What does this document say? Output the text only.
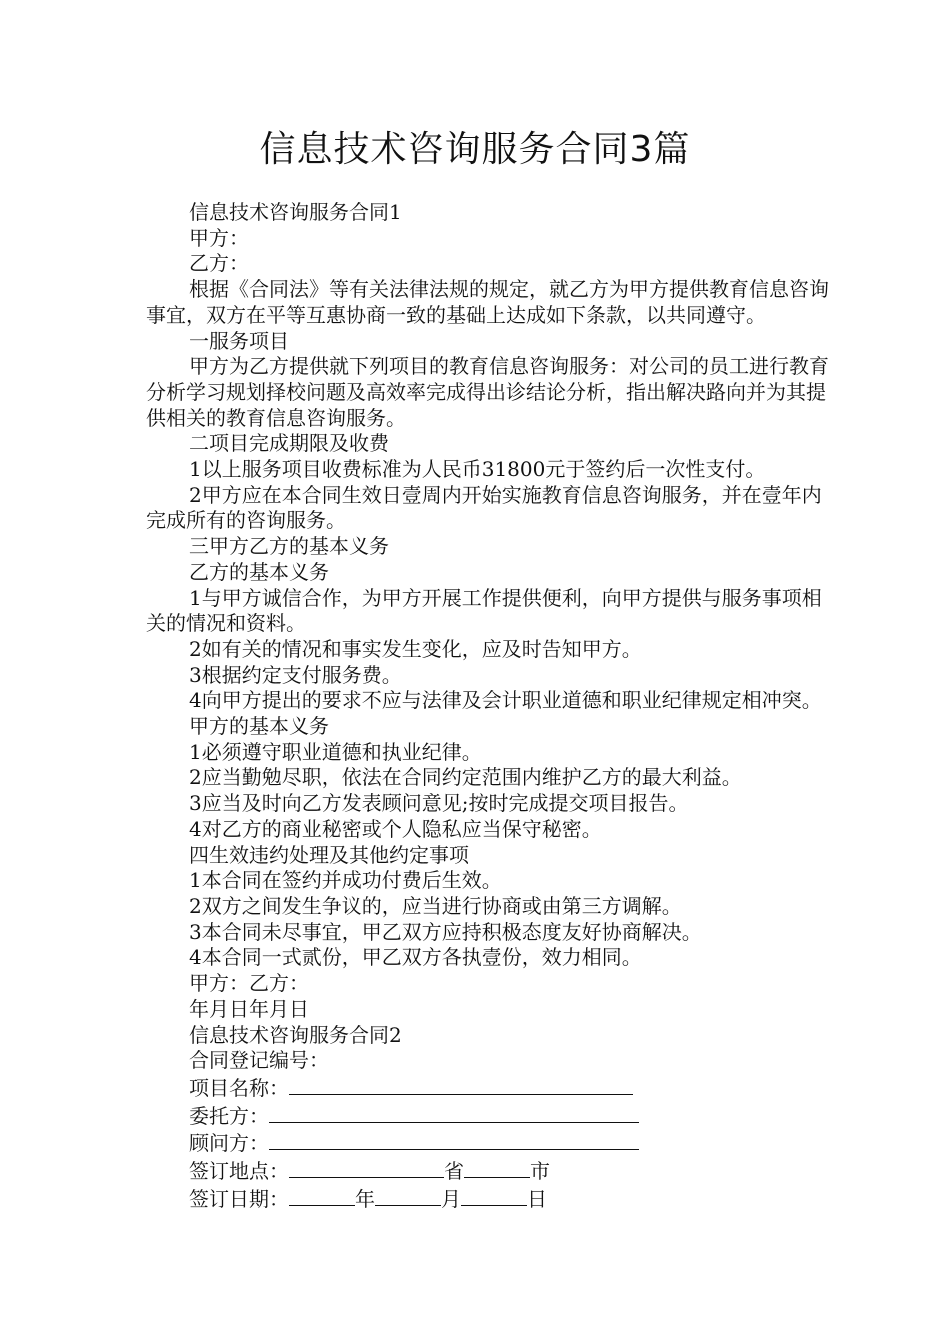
信息技术咨询服务合同3篇

信息技术咨询服务合同1

甲方：

乙方：

根据《合同法》等有关法律法规的规定，就乙方为甲方提供教育信息咨询事宜，双方在平等互惠协商一致的基础上达成如下条款，以共同遵守。

一服务项目

甲方为乙方提供就下列项目的教育信息咨询服务：对公司的员工进行教育分析学习规划择校问题及高效率完成得出诊结论分析，指出解决路向并为其提供相关的教育信息咨询服务。

二项目完成期限及收费

1以上服务项目收费标准为人民币31800元于签约后一次性支付。

2甲方应在本合同生效日壹周内开始实施教育信息咨询服务，并在壹年内完成所有的咨询服务。

三甲方乙方的基本义务

乙方的基本义务

1与甲方诚信合作，为甲方开展工作提供便利，向甲方提供与服务事项相关的情况和资料。

2如有关的情况和事实发生变化，应及时告知甲方。

3根据约定支付服务费。

4向甲方提出的要求不应与法律及会计职业道德和职业纪律规定相冲突。

甲方的基本义务

1必须遵守职业道德和执业纪律。

2应当勤勉尽职，依法在合同约定范围内维护乙方的最大利益。

3应当及时向乙方发表顾问意见;按时完成提交项目报告。

4对乙方的商业秘密或个人隐私应当保守秘密。

四生效违约处理及其他约定事项

1本合同在签约并成功付费后生效。

2双方之间发生争议的，应当进行协商或由第三方调解。

3本合同未尽事宜，甲乙双方应持积极态度友好协商解决。

4本合同一式贰份，甲乙双方各执壹份，效力相同。

甲方：乙方：

年月日年月日

信息技术咨询服务合同2

合同登记编号：

项目名称：

委托方：

顾问方：

签订地点：	省	市

签订日期：	年	月	日
